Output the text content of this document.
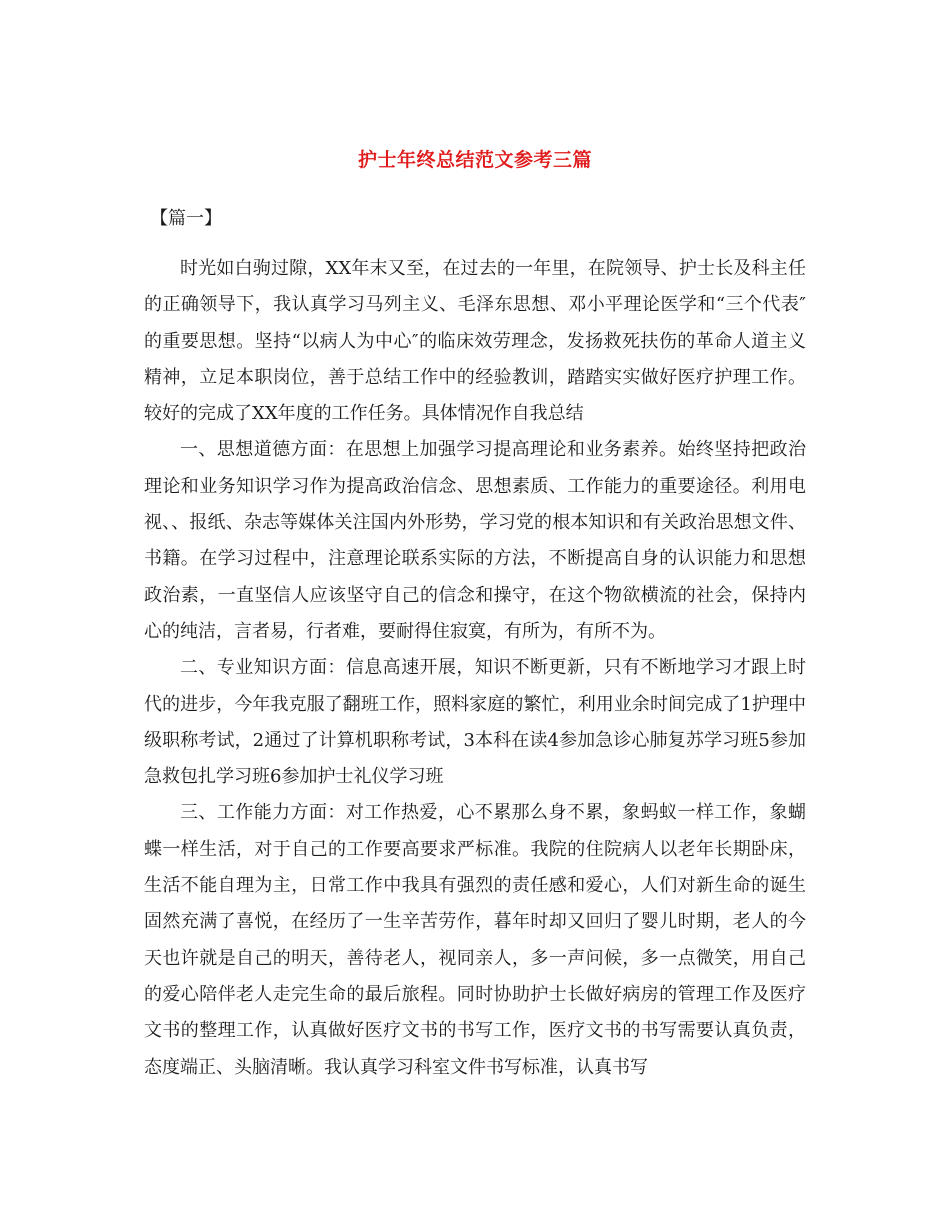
护士年终总结范文参考三篇
【篇一】

时光如白驹过隙，XX年末又至，在过去的一年里，在院领导、护士长及科主任的正确领导下，我认真学习马列主义、毛泽东思想、邓小平理论医学和“三个代表″的重要思想。坚持“以病人为中心″的临床效劳理念，发扬救死扶伤的革命人道主义精神，立足本职岗位，善于总结工作中的经验教训，踏踏实实做好医疗护理工作。较好的完成了XX年度的工作任务。具体情况作自我总结

一、思想道德方面：在思想上加强学习提高理论和业务素养。始终坚持把政治理论和业务知识学习作为提高政治信念、思想素质、工作能力的重要途径。利用电视、、报纸、杂志等媒体关注国内外形势，学习党的根本知识和有关政治思想文件、书籍。在学习过程中，注意理论联系实际的方法，不断提高自身的认识能力和思想政治素，一直坚信人应该坚守自己的信念和操守，在这个物欲横流的社会，保持内心的纯洁，言者易，行者难，要耐得住寂寞，有所为，有所不为。

二、专业知识方面：信息高速开展，知识不断更新，只有不断地学习才跟上时代的进步，今年我克服了翻班工作，照料家庭的繁忙，利用业余时间完成了1护理中级职称考试，2通过了计算机职称考试，3本科在读4参加急诊心肺复苏学习班5参加急救包扎学习班6参加护士礼仪学习班

三、工作能力方面：对工作热爱，心不累那么身不累，象蚂蚁一样工作，象蝴蝶一样生活，对于自己的工作要高要求严标准。我院的住院病人以老年长期卧床，生活不能自理为主，日常工作中我具有强烈的责任感和爱心，人们对新生命的诞生固然充满了喜悦，在经历了一生辛苦劳作，暮年时却又回归了婴儿时期，老人的今天也许就是自己的明天，善待老人，视同亲人，多一声问候，多一点微笑，用自己的爱心陪伴老人走完生命的最后旅程。同时协助护士长做好病房的管理工作及医疗文书的整理工作，认真做好医疗文书的书写工作，医疗文书的书写需要认真负责，态度端正、头脑清晰。我认真学习科室文件书写标准，认真书写
